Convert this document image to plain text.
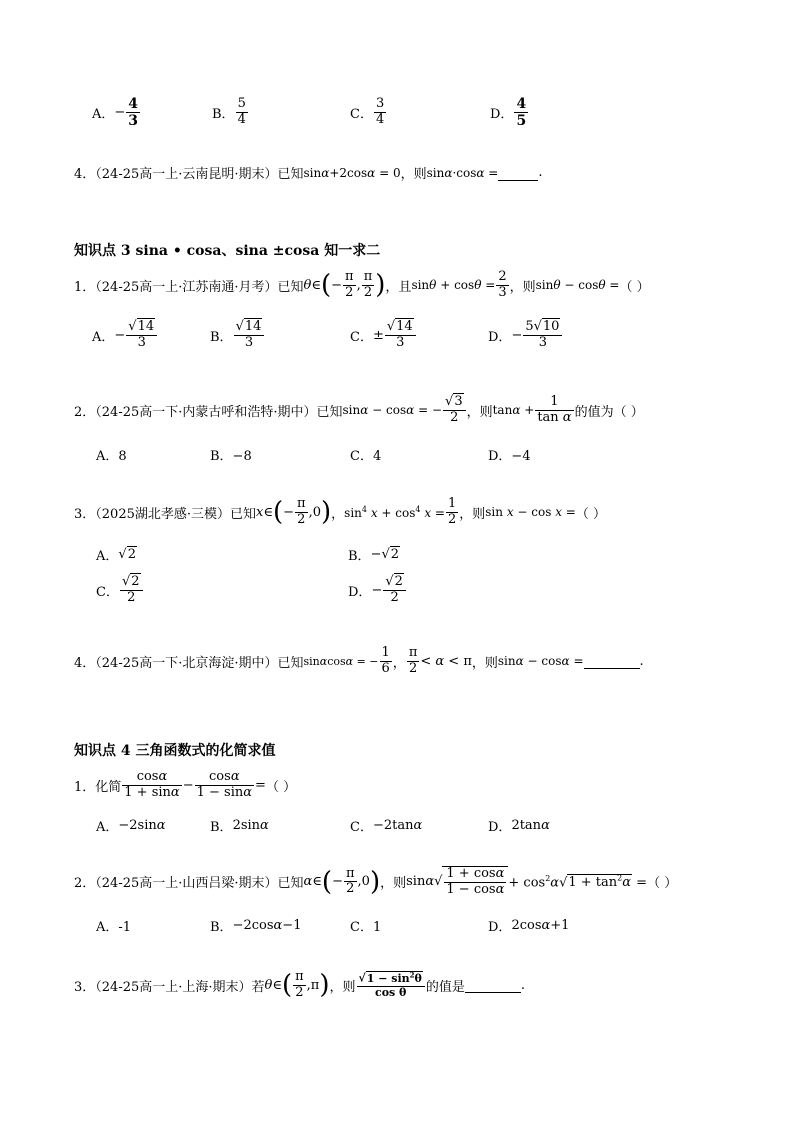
A． − $\frac{4}{3}$	B． $\frac{5}{4}$	C． $\frac{3}{4}$	D． $\frac{4}{5}$
4．（24-25高一上·云南昆明·期末）已知 sinα+2cosα = 0 ，则 sinα·cosα =
	.
知识点 3 sina • cosa、sina ±cosa 知一求二
1．（24-25高一上·江苏南通·月考）已知 θ ∈ ( − $\frac{\pi}{2}$ , $\frac{\pi}{2}$ ) ，且 $\sin\theta + \cos\theta = \frac{2}{3}$ ，则 sinθ − cosθ = （ ）
A． − $\frac{√14}{3}$	B． $\frac{√14}{3}$	C． ± $\frac{√14}{3}$	D． − $\frac{5√10}{3}$
2．（24-25高一下·内蒙古呼和浩特·期中）已知 sinα − cosα = − $\frac{√3}{2}$ ，则 $\tan\alpha + \frac{1}{\text{tan α}}$ 的值为（ ）
A．8	B．−8	C．4	D．−4
3．（2025湖北孝感·三模）已知 x ∈ ( − $\frac{\pi}{2} ,0$ ) ， $\sin^4 x + \cos^4 x = \frac{1}{2}$ ，则 sin x − cos x = （ ）
A． √2	B． −√2
C． $\frac{√2}{2}$	D． − $\frac{√2}{2}$
4．（24-25高一下·北京海淀·期中）已知 sinαcosα = − $\frac{1}{6}$ ， $\frac{\pi}{2} < \alpha < \pi$ ，则 sinα − cosα =
	.
知识点 4 三角函数式的化简求值
1．化简 $\frac{\cos\alpha}{1 + \sin\alpha} - \frac{\cos\alpha}{1 - \sin\alpha}$ = （ ）
A． −2sinα	B． 2sinα	C． −2tanα	D． 2tanα
2．（24-25高一上·山西吕梁·期末）已知 α ∈ ( − $\frac{\pi}{2} ,0$ ) ，则 sinα √ $\frac{1 + \cos\alpha}{1 - \cos\alpha} + \cos^2\alpha√1 + \tan^2\alpha$ = （ ）
A．-1	B． −2cosα−1	C．1	D． 2cosα+1
3．（24-25高一上·上海·期末）若 θ ∈ ( $\frac{\pi}{2} ,\pi$ ) ，则 $\frac{√1 - \sin^2\theta}{\text{cos θ}}$ 的值是
	.
